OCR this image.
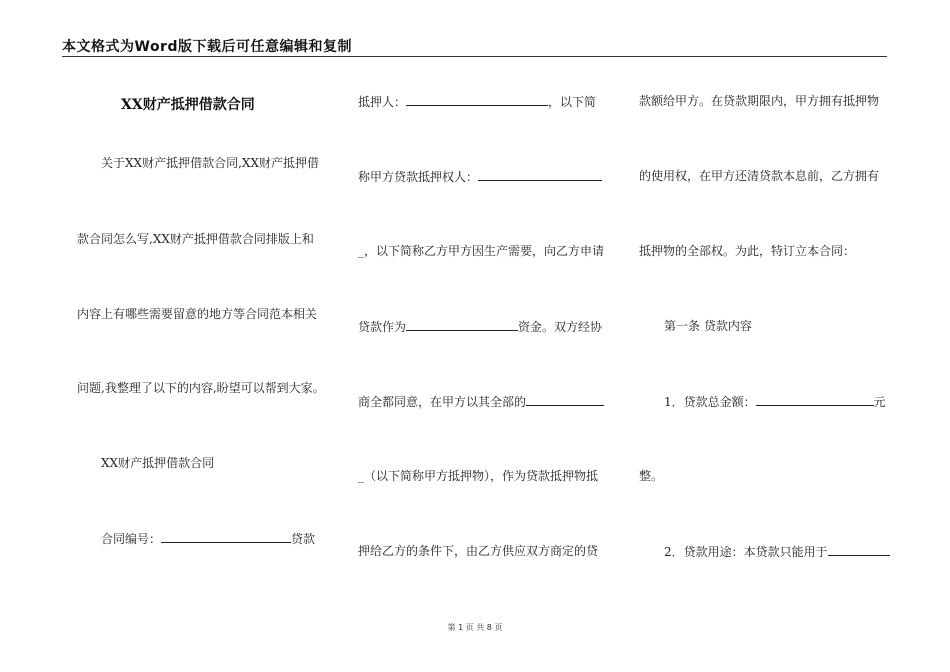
本文格式为Word版下载后可任意编辑和复制
XX财产抵押借款合同
关于XX财产抵押借款合同,XX财产抵押借
款合同怎么写,XX财产抵押借款合同排版上和
内容上有哪些需要留意的地方等合同范本相关
问题,我整理了以下的内容,盼望可以帮到大家。
XX财产抵押借款合同
合同编号：	贷款
抵押人：	，以下简
称甲方贷款抵押权人：
_，以下简称乙方甲方因生产需要，向乙方申请
贷款作为	资金。双方经协
商全都同意，在甲方以其全部的
_（以下简称甲方抵押物），作为贷款抵押物抵
押给乙方的条件下，由乙方供应双方商定的贷
款额给甲方。在贷款期限内，甲方拥有抵押物
的使用权，在甲方还清贷款本息前，乙方拥有
抵押物的全部权。为此，特订立本合同：
第一条 贷款内容
1．贷款总金额：	元
整。
2．贷款用途：本贷款只能用于
第 1 页 共 8 页
